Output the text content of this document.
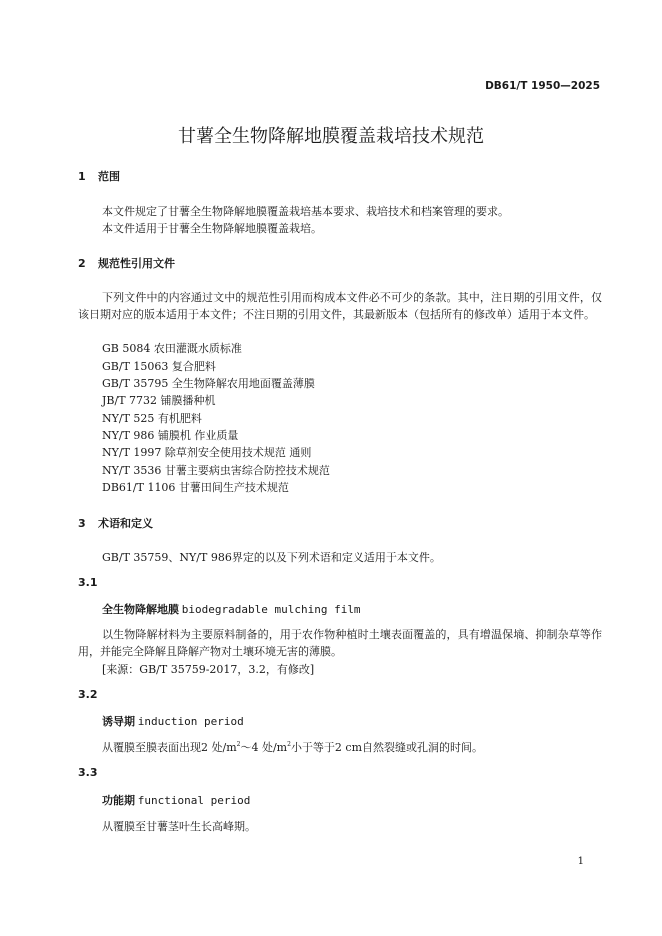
DB61/T 1950—2025
甘薯全生物降解地膜覆盖栽培技术规范
1 范围
本文件规定了甘薯全生物降解地膜覆盖栽培基本要求、栽培技术和档案管理的要求。
本文件适用于甘薯全生物降解地膜覆盖栽培。
2 规范性引用文件
下列文件中的内容通过文中的规范性引用而构成本文件必不可少的条款。其中，注日期的引用文件，仅该日期对应的版本适用于本文件；不注日期的引用文件，其最新版本（包括所有的修改单）适用于本文件。
GB 5084 农田灌溉水质标准
GB/T 15063 复合肥料
GB/T 35795 全生物降解农用地面覆盖薄膜
JB/T 7732 铺膜播种机
NY/T 525 有机肥料
NY/T 986 铺膜机 作业质量
NY/T 1997 除草剂安全使用技术规范 通则
NY/T 3536 甘薯主要病虫害综合防控技术规范
DB61/T 1106 甘薯田间生产技术规范
3 术语和定义
GB/T 35759、NY/T 986界定的以及下列术语和定义适用于本文件。
3.1
全生物降解地膜 biodegradable mulching film
以生物降解材料为主要原料制备的，用于农作物种植时土壤表面覆盖的，具有增温保墒、抑制杂草等作用，并能完全降解且降解产物对土壤环境无害的薄膜。
[来源：GB/T 35759-2017，3.2，有修改]
3.2
诱导期 induction period
从覆膜至膜表面出现2 处$/m^2\sim 4$ 处$/m^2$小于等于2 cm自然裂缝或孔洞的时间。
3.3
功能期 functional period
从覆膜至甘薯茎叶生长高峰期。
1
